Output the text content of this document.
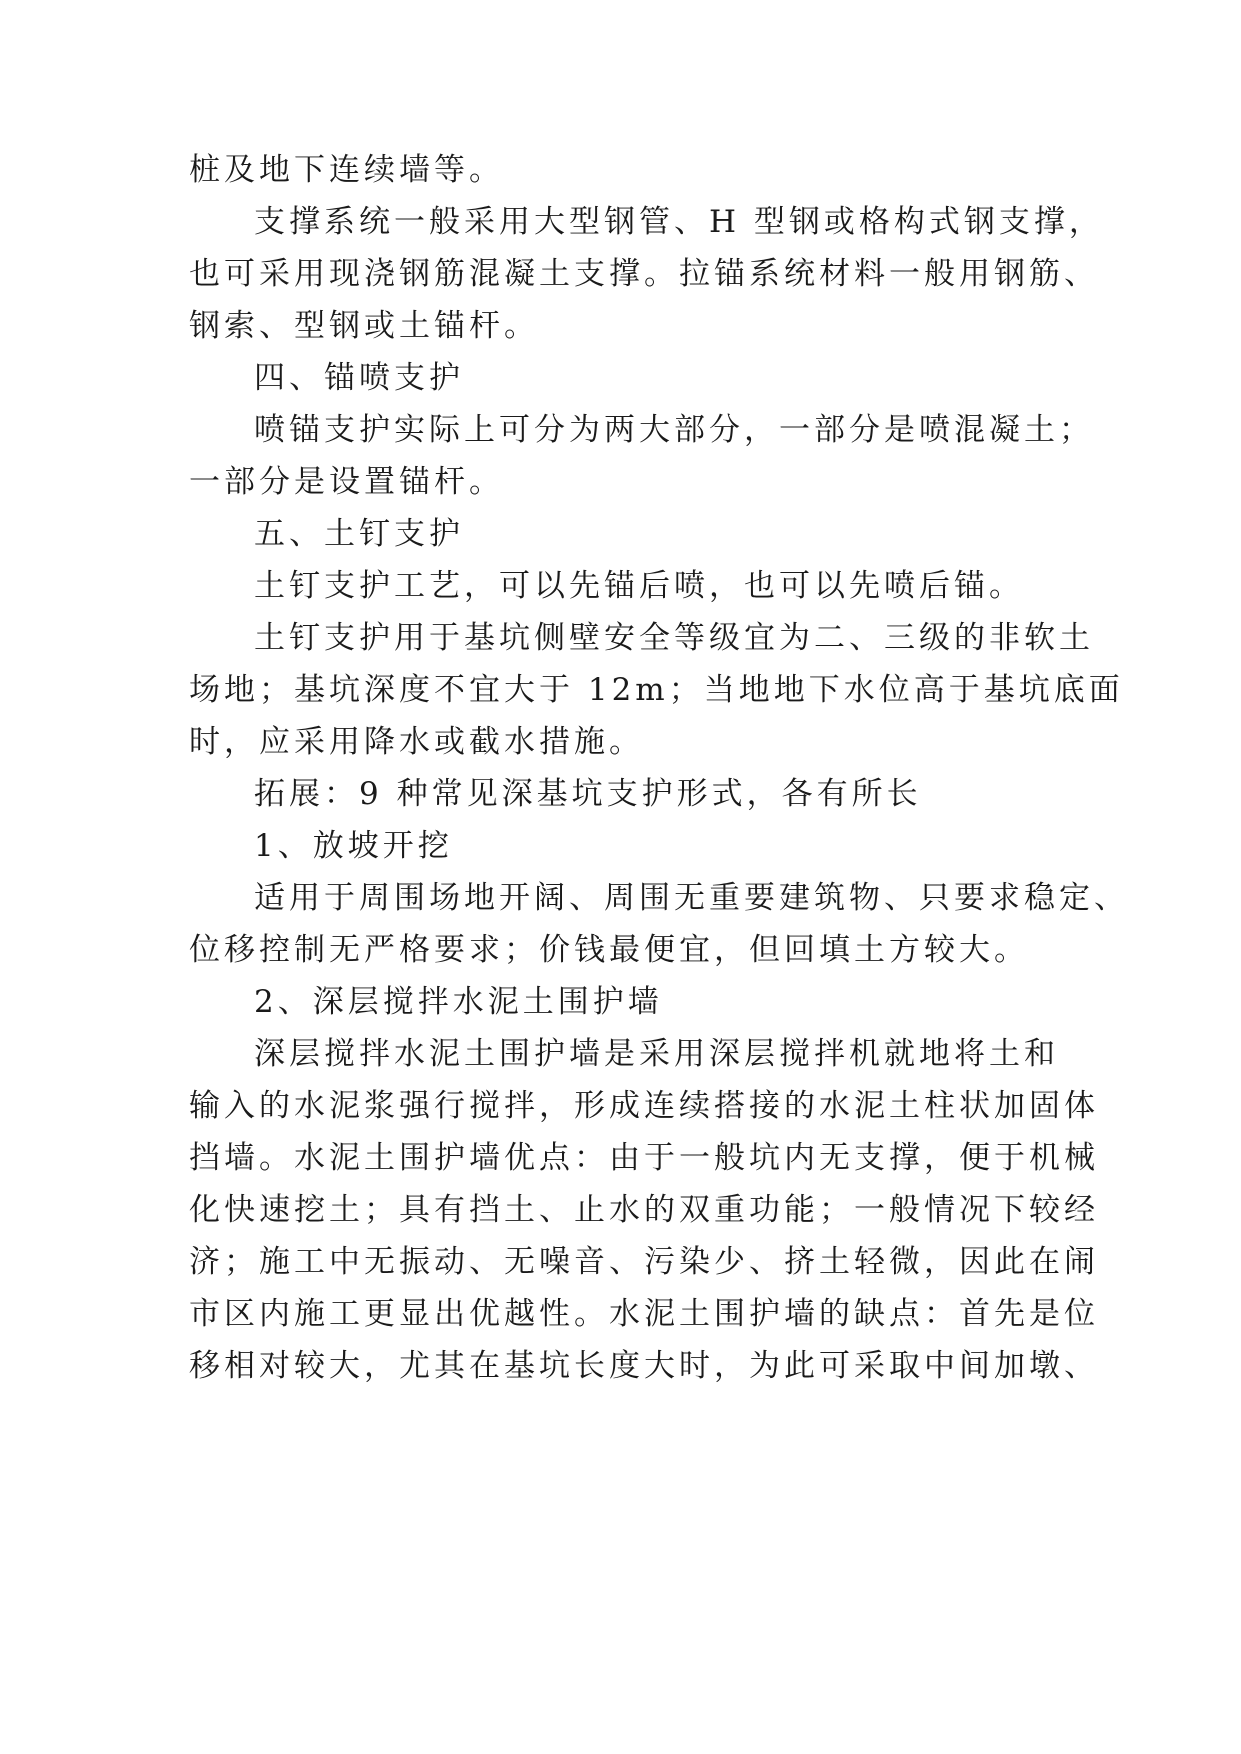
桩及地下连续墙等。
支撑系统一般采用大型钢管、H 型钢或格构式钢支撑，
也可采用现浇钢筋混凝土支撑。拉锚系统材料一般用钢筋、
钢索、型钢或土锚杆。
四、锚喷支护
喷锚支护实际上可分为两大部分，一部分是喷混凝土；
一部分是设置锚杆。
五、土钉支护
土钉支护工艺，可以先锚后喷，也可以先喷后锚。
土钉支护用于基坑侧壁安全等级宜为二、三级的非软土
场地；基坑深度不宜大于 12m；当地地下水位高于基坑底面
时，应采用降水或截水措施。
拓展：9 种常见深基坑支护形式，各有所长
1、放坡开挖
适用于周围场地开阔、周围无重要建筑物、只要求稳定、
位移控制无严格要求；价钱最便宜，但回填土方较大。
2、深层搅拌水泥土围护墙
深层搅拌水泥土围护墙是采用深层搅拌机就地将土和
输入的水泥浆强行搅拌，形成连续搭接的水泥土柱状加固体
挡墙。水泥土围护墙优点：由于一般坑内无支撑，便于机械
化快速挖土；具有挡土、止水的双重功能；一般情况下较经
济；施工中无振动、无噪音、污染少、挤土轻微，因此在闹
市区内施工更显出优越性。水泥土围护墙的缺点：首先是位
移相对较大，尤其在基坑长度大时，为此可采取中间加墩、
